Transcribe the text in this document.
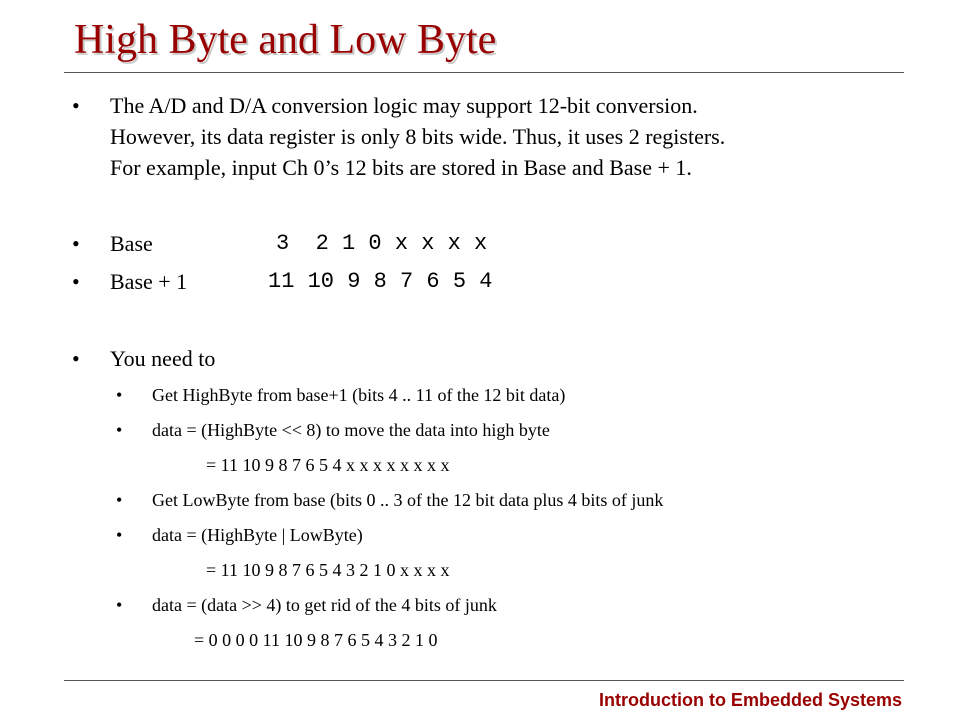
High Byte and Low Byte
• The A/D and D/A conversion logic may support 12-bit conversion.
However, its data register is only 8 bits wide. Thus, it uses 2 registers.
For example, input Ch 0’s 12 bits are stored in Base and Base + 1.
• Base	3  2 1 0 x x x x
• Base + 1	11 10 9 8 7 6 5 4
• You need to
• Get HighByte from base+1 (bits 4 .. 11 of the 12 bit data)
• data = (HighByte << 8) to move the data into high byte
= 11 10 9 8 7 6 5 4 x x x x x x x x
• Get LowByte from base (bits 0 .. 3 of the 12 bit data plus 4 bits of junk
• data = (HighByte | LowByte)
= 11 10 9 8 7 6 5 4 3 2 1 0 x x x x
• data = (data >> 4) to get rid of the 4 bits of junk
= 0 0 0 0 11 10 9 8 7 6 5 4 3 2 1 0
Introduction to Embedded Systems
